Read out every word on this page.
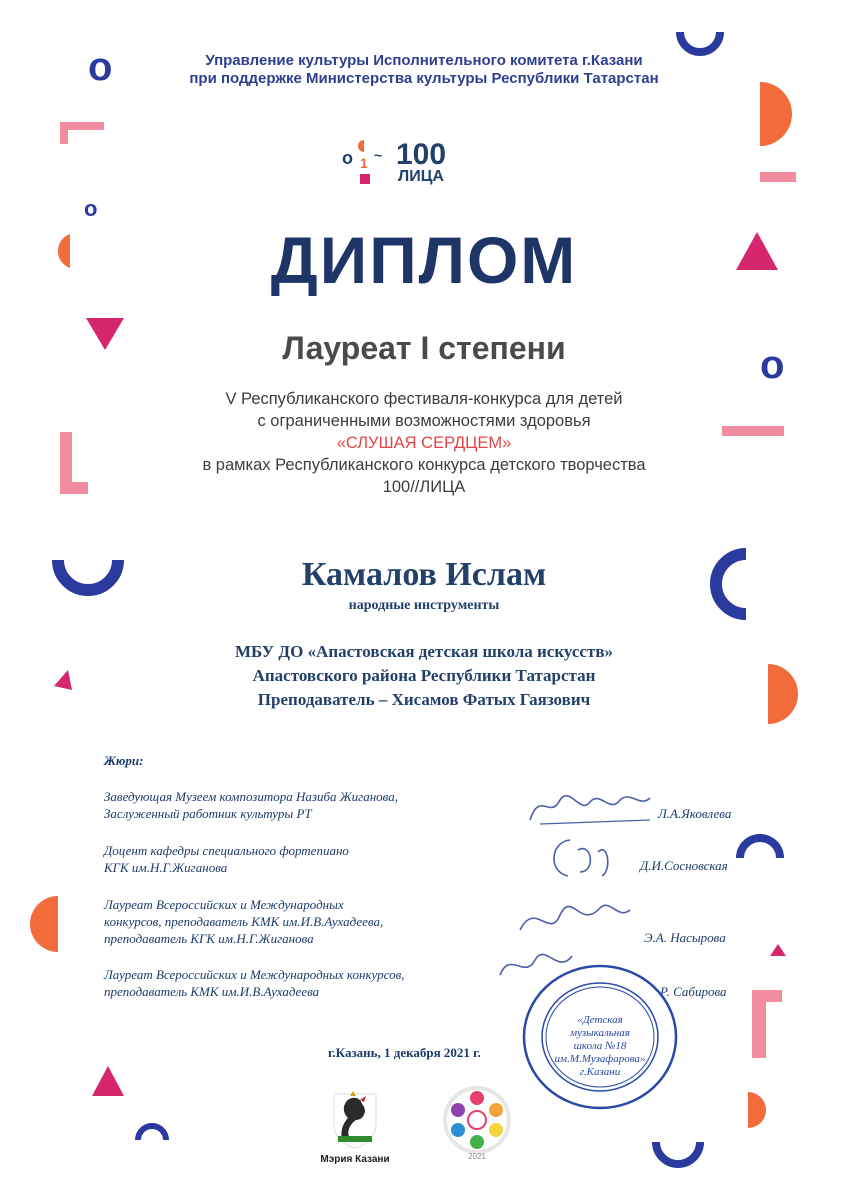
o
o
o
Управление культуры Исполнительного комитета г.Казани
при поддержке Министерства культуры Республики Татарстан
o 1 ~ 100
ЛИЦА
ДИПЛОМ
Лауреат I степени
V Республиканского фестиваля-конкурса для детей
с ограниченными возможностями здоровья
«СЛУШАЯ СЕРДЦЕМ»
в рамках Республиканского конкурса детского творчества
100//ЛИЦА
Камалов Ислам
народные инструменты
МБУ ДО «Апастовская детская школа искусств»
Апастовского района Республики Татарстан
Преподаватель – Хисамов Фатых Гаязович
Жюри:
Заведующая Музеем композитора Назиба Жиганова,
Заслуженный работник культуры РТ
Доцент кафедры специального фортепиано
КГК им.Н.Г.Жиганова
Лауреат Всероссийских и Международных
конкурсов, преподаватель КМК им.И.В.Аухадеева,
преподаватель КГК им.Н.Г.Жиганова
Лауреат Всероссийских и Международных конкурсов,
преподаватель КМК им.И.В.Аухадеева
Л.А.Яковлева
Д.И.Сосновская
Э.А. Насырова
Р. Сабирова
г.Казань, 1 декабря 2021 г.
«Детская
музыкальная
школа №18
им.М.Музафарова»
г.Казани
Мэрия Казани	2021
